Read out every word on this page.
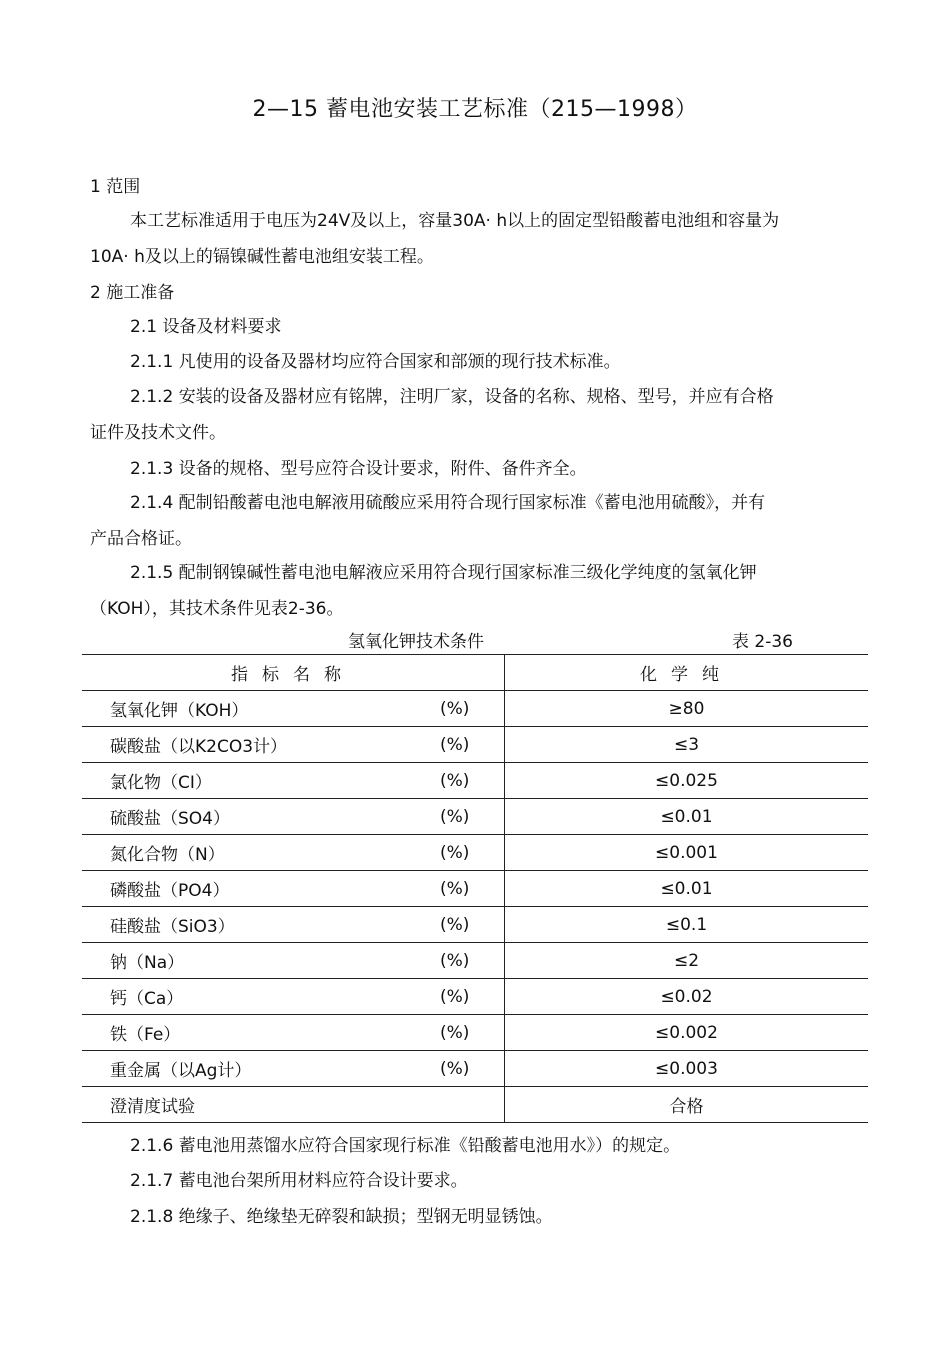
2—15 蓄电池安装工艺标准（215—1998）
1 范围
本工艺标准适用于电压为24V及以上，容量30A· h以上的固定型铅酸蓄电池组和容量为
10A· h及以上的镉镍碱性蓄电池组安装工程。
2 施工准备
2.1 设备及材料要求
2.1.1 凡使用的设备及器材均应符合国家和部颁的现行技术标准。
2.1.2 安装的设备及器材应有铭牌，注明厂家，设备的名称、规格、型号，并应有合格
证件及技术文件。
2.1.3 设备的规格、型号应符合设计要求，附件、备件齐全。
2.1.4 配制铅酸蓄电池电解液用硫酸应采用符合现行国家标准《蓄电池用硫酸》，并有
产品合格证。
2.1.5 配制钢镍碱性蓄电池电解液应采用符合现行国家标准三级化学纯度的氢氧化钾
（KOH），其技术条件见表2-36。
氢氧化钾技术条件	表 2-36
指标名称		化学纯
氢氧化钾（KOH）	(%)	≥80
碳酸盐（以K2CO3计）	(%)	≤3
氯化物（CI）	(%)	≤0.025
硫酸盐（SO4）	(%)	≤0.01
氮化合物（N）	(%)	≤0.001
磷酸盐（PO4）	(%)	≤0.01
硅酸盐（SiO3）	(%)	≤0.1
钠（Na）	(%)	≤2
钙（Ca）	(%)	≤0.02
铁（Fe）	(%)	≤0.002
重金属（以Ag计）	(%)	≤0.003
澄清度试验		合格
2.1.6 蓄电池用蒸馏水应符合国家现行标准《铅酸蓄电池用水》）的规定。
2.1.7 蓄电池台架所用材料应符合设计要求。
2.1.8 绝缘子、绝缘垫无碎裂和缺损；型钢无明显锈蚀。
